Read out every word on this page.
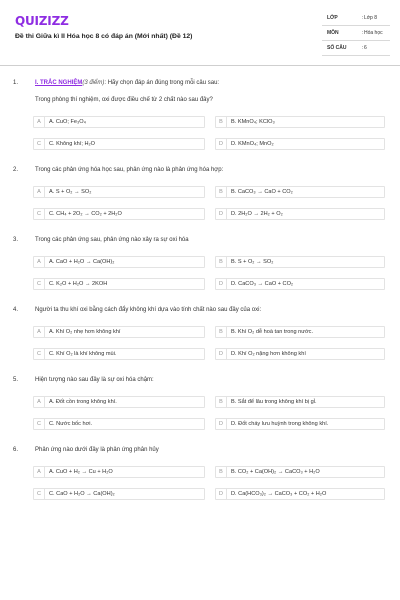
QUIZIZZ
Đề thi Giữa kì II Hóa học 8 có đáp án (Mới nhất) (Đề 12)
LỚP	: Lớp 8
MÔN	: Hóa học
SỐ CÂU	: 6
1.	I. TRẮC NGHIỆM(3 điểm): Hãy chọn đáp án đúng trong mỗi câu sau:
Trong phòng thí nghiệm, oxi được điều chế từ 2 chất nào sau đây?
A	A. CuO; Fe₃O₄	B	B. KMnO₄; KClO₃
C	C. Không khí; H₂O	D	D. KMnO₄; MnO₂
2.	Trong các phản ứng hóa học sau, phản ứng nào là phản ứng hóa hợp:
A	A. S + O₂ → SO₂	B	B. CaCO₃ → CaO + CO₂
C	C. CH₄ + 2O₂ → CO₂ + 2H₂O	D	D. 2H₂O → 2H₂ + O₂
3.	Trong các phản ứng sau, phản ứng nào xảy ra sự oxi hóa
A	A. CaO + H₂O → Ca(OH)₂	B	B. S + O₂ → SO₂
C	C. K₂O + H₂O → 2KOH	D	D. CaCO₃ → CaO + CO₂
4.	Người ta thu khí oxi bằng cách đẩy không khí dựa vào tính chất nào sau đây của oxi:
A	A. Khí O₂ nhẹ hơn không khí	B	B. Khí O₂ dễ hoà tan trong nước.
C	C. Khí O₂ là khí không mùi.	D	D. Khí O₂ nặng hơn không khí
5.	Hiện tượng nào sau đây là sự oxi hóa chậm:
A	A. Đốt cồn trong không khí.	B	B. Sắt để lâu trong không khí bị gỉ.
C	C. Nước bốc hơi.	D	D. Đốt cháy lưu huỳnh trong không khí.
6.	Phản ứng nào dưới đây là phản ứng phân hủy
A	A. CuO + H₂ → Cu + H₂O	B	B. CO₂ + Ca(OH)₂ → CaCO₃ + H₂O
C	C. CaO + H₂O → Ca(OH)₂	D	D. Ca(HCO₃)₂ → CaCO₃ + CO₂ + H₂O
